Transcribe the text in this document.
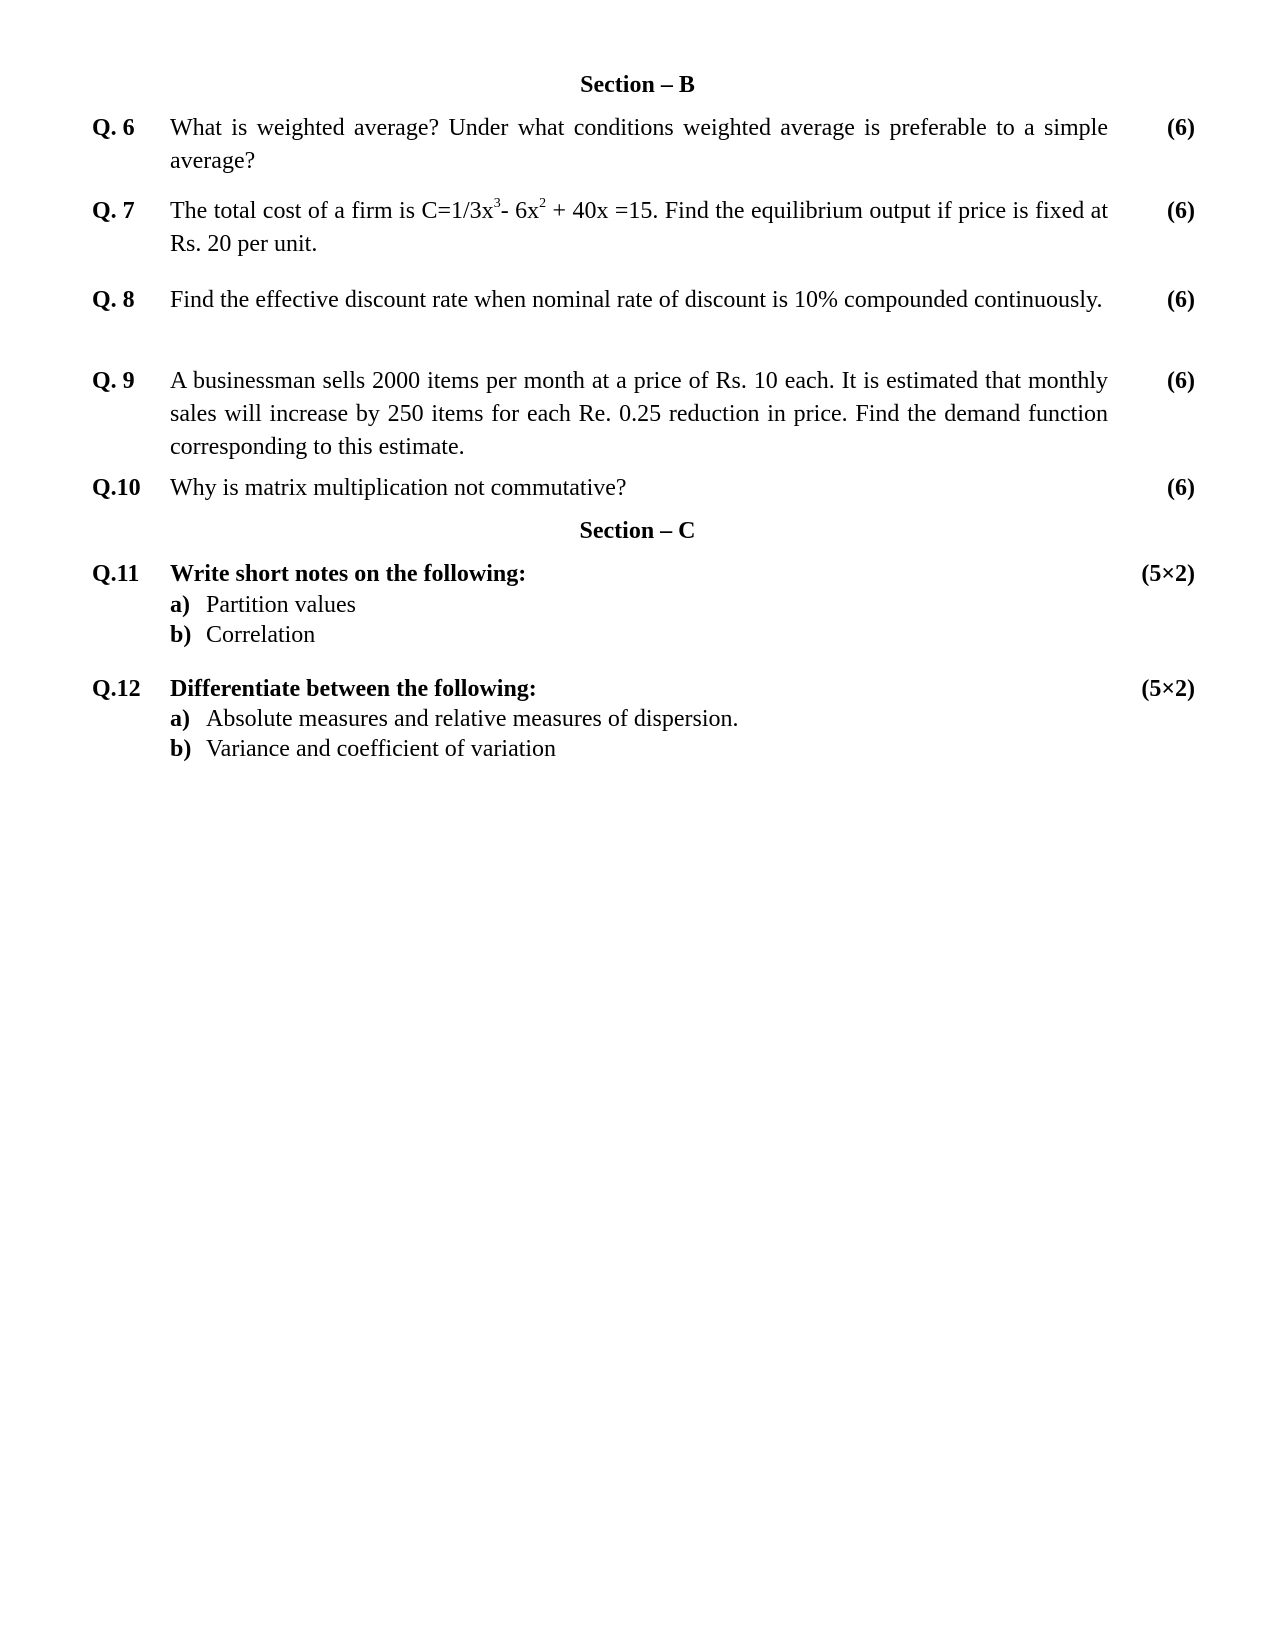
Section – B
Q. 6 What is weighted average? Under what conditions weighted average is preferable to a simple average?
(6)
Q. 7 The total cost of a firm is $C=1/3x^3-$ $6x^2 + 40x =15$. Find the equilibrium output if price is fixed at Rs. 20 per unit.
(6)
Q. 8 Find the effective discount rate when nominal rate of discount is 10% compounded continuously.	(6)
Q. 9 A businessman sells 2000 items per month at a price of Rs. 10 each. It is estimated that monthly sales will increase by 250 items for each Re. 0.25 reduction in price. Find the demand function corresponding to this estimate.
(6)
Q.10 Why is matrix multiplication not commutative?	(6)
Section – C
Q.11 Write short notes on the following:	(5×2)
a) Partition values
b) Correlation
Q.12 Differentiate between the following:	(5×2)
a) Absolute measures and relative measures of dispersion.
b) Variance and coefficient of variation
